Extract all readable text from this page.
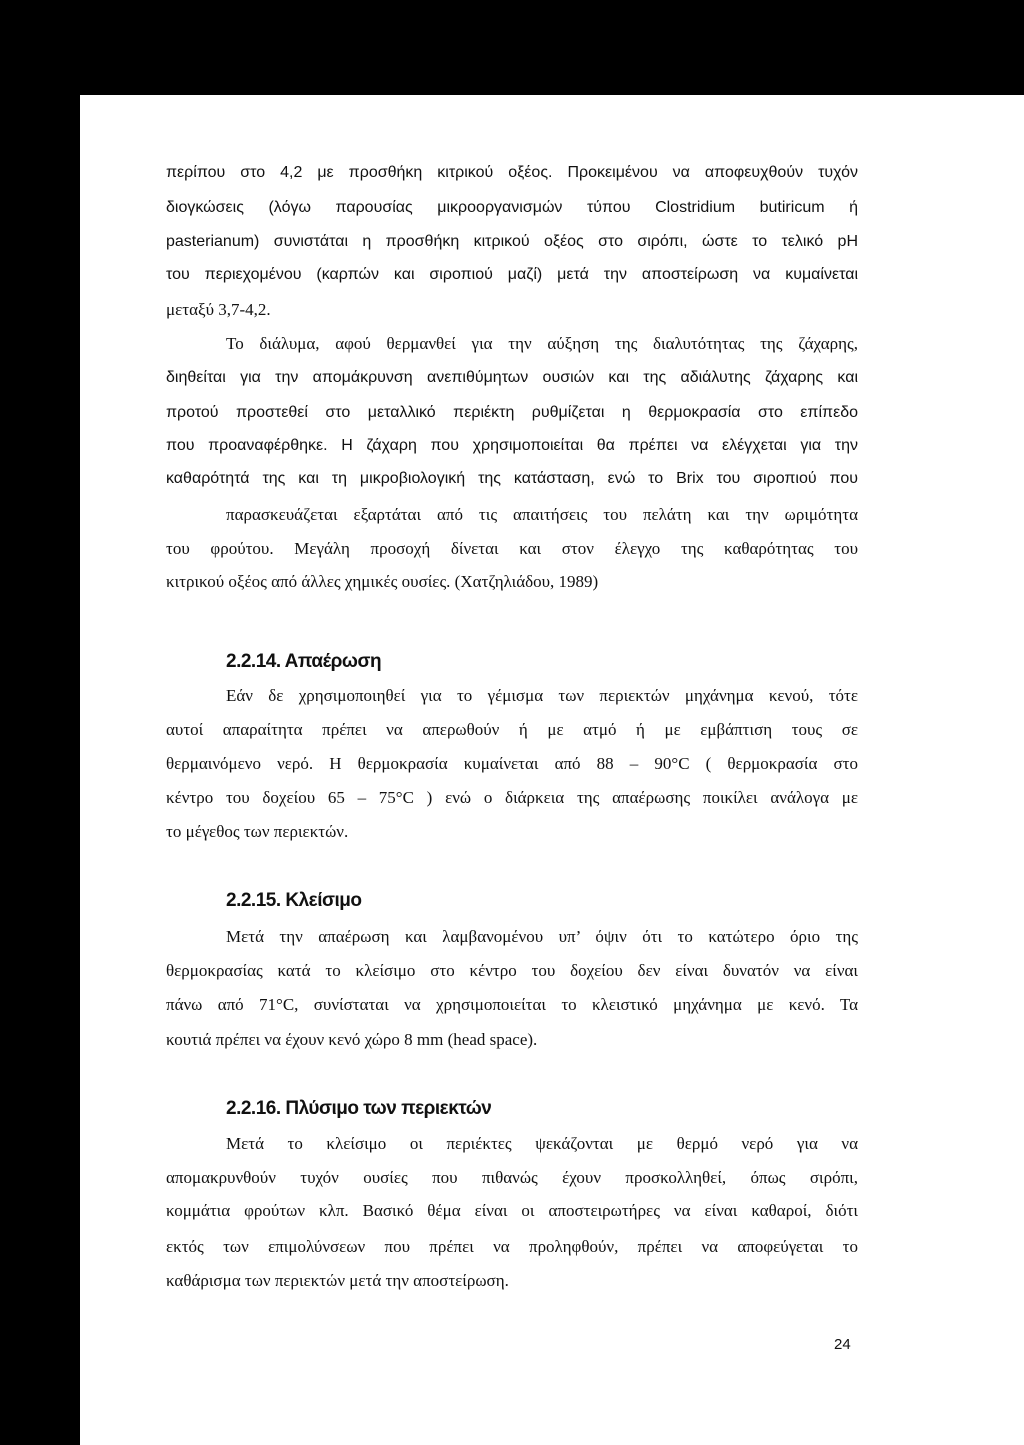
περίπου στο 4,2 με προσθήκη κιτρικού οξέος. Προκειμένου να αποφευχθούν τυχόν
διογκώσεις (λόγω παρουσίας μικροοργανισμών τύπου Clostridium butiricum ή
pasterianum) συνιστάται η προσθήκη κιτρικού οξέος στο σιρόπι, ώστε το τελικό pH
του περιεχομένου (καρπών και σιροπιού μαζί) μετά την αποστείρωση να κυμαίνεται
μεταξύ 3,7-4,2.
Το διάλυμα, αφού θερμανθεί για την αύξηση της διαλυτότητας της ζάχαρης,
διηθείται για την απομάκρυνση ανεπιθύμητων ουσιών και της αδιάλυτης ζάχαρης και
προτού προστεθεί στο μεταλλικό περιέκτη ρυθμίζεται η θερμοκρασία στο επίπεδο
που προαναφέρθηκε. Η ζάχαρη που χρησιμοποιείται θα πρέπει να ελέγχεται για την
καθαρότητά της και τη μικροβιολογική της κατάσταση, ενώ το Brix του σιροπιού που
παρασκευάζεται εξαρτάται από τις απαιτήσεις του πελάτη και την ωριμότητα
του φρούτου. Μεγάλη προσοχή δίνεται και στον έλεγχο της καθαρότητας του
κιτρικού οξέος από άλλες χημικές ουσίες. (Χατζηλιάδου, 1989)
2.2.14. Απαέρωση
Εάν δε χρησιμοποιηθεί για το γέμισμα των περιεκτών μηχάνημα κενού, τότε
αυτοί απαραίτητα πρέπει να απερωθούν ή με ατμό ή με εμβάπτιση τους σε
θερμαινόμενο νερό. Η θερμοκρασία κυμαίνεται από 88 – 90°C ( θερμοκρασία στο
κέντρο του δοχείου 65 – 75°C ) ενώ ο διάρκεια της απαέρωσης ποικίλει ανάλογα με
το μέγεθος των περιεκτών.
2.2.15. Κλείσιμο
Μετά την απαέρωση και λαμβανομένου υπ’ όψιν ότι το κατώτερο όριο της
θερμοκρασίας κατά το κλείσιμο στο κέντρο του δοχείου δεν είναι δυνατόν να είναι
πάνω από 71°C, συνίσταται να χρησιμοποιείται το κλειστικό μηχάνημα με κενό. Τα
κουτιά πρέπει να έχουν κενό χώρο 8 mm (head space).
2.2.16. Πλύσιμο των περιεκτών
Μετά το κλείσιμο οι περιέκτες ψεκάζονται με θερμό νερό για να
απομακρυνθούν τυχόν ουσίες που πιθανώς έχουν προσκολληθεί, όπως σιρόπι,
κομμάτια φρούτων κλπ. Βασικό θέμα είναι οι αποστειρωτήρες να είναι καθαροί, διότι
εκτός των επιμολύνσεων που πρέπει να προληφθούν, πρέπει να αποφεύγεται το
καθάρισμα των περιεκτών μετά την αποστείρωση.
24
